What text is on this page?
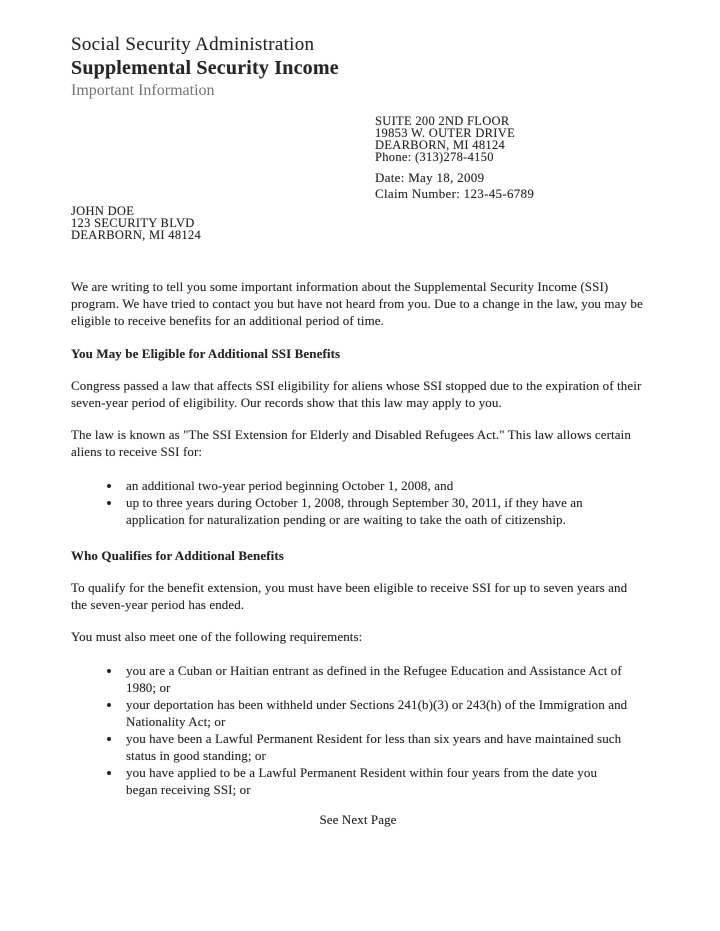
Social Security Administration
Supplemental Security Income
Important Information
SUITE 200 2ND FLOOR
19853 W. OUTER DRIVE
DEARBORN, MI 48124
Phone: (313)278-4150
Date: May 18, 2009
Claim Number: 123-45-6789
JOHN DOE
123 SECURITY BLVD
DEARBORN, MI 48124

We are writing to tell you some important information about the Supplemental Security Income (SSI) program. We have tried to contact you but have not heard from you. Due to a change in the law, you may be eligible to receive benefits for an additional period of time.

You May be Eligible for Additional SSI Benefits

Congress passed a law that affects SSI eligibility for aliens whose SSI stopped due to the expiration of their seven-year period of eligibility. Our records show that this law may apply to you.

The law is known as "The SSI Extension for Elderly and Disabled Refugees Act." This law allows certain aliens to receive SSI for:

• an additional two-year period beginning October 1, 2008, and
• up to three years during October 1, 2008, through September 30, 2011, if they have an application for naturalization pending or are waiting to take the oath of citizenship.
Who Qualifies for Additional Benefits

To qualify for the benefit extension, you must have been eligible to receive SSI for up to seven years and the seven-year period has ended.

You must also meet one of the following requirements:

• you are a Cuban or Haitian entrant as defined in the Refugee Education and Assistance Act of 1980; or
• your deportation has been withheld under Sections 241(b)(3) or 243(h) of the Immigration and Nationality Act; or
• you have been a Lawful Permanent Resident for less than six years and have maintained such status in good standing; or
• you have applied to be a Lawful Permanent Resident within four years from the date you began receiving SSI; or
See Next Page
